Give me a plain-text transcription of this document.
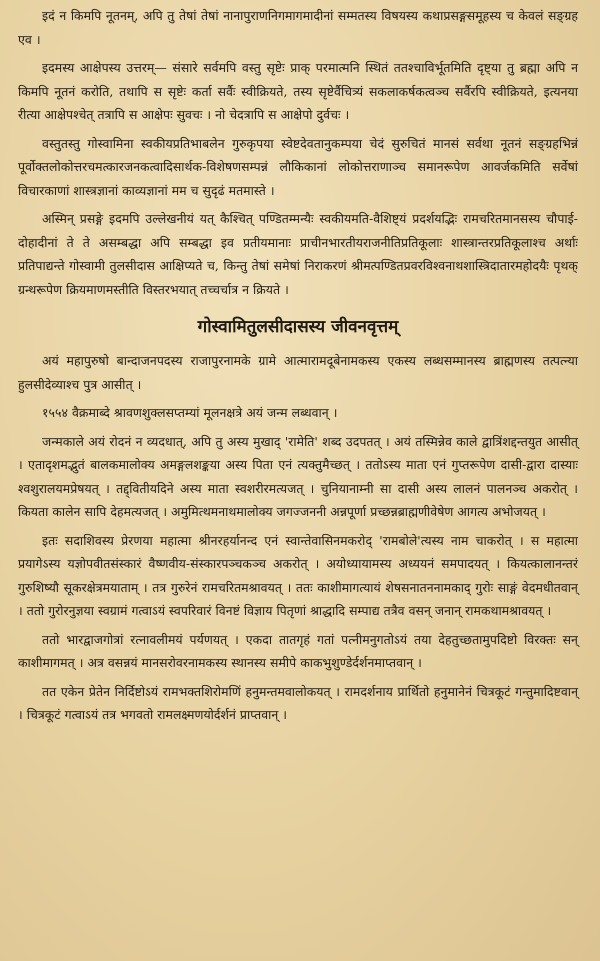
इदं न किमपि नूतनम्, अपि तु तेषां तेषां नानापुराणनिगमागमादीनां सम्मतस्य विषयस्य कथाप्रसङ्गसमूहस्य च केवलं सङ्ग्रह एव ।

इदमस्य आक्षेपस्य उत्तरम्— संसारे सर्वमपि वस्तु सृष्टेः प्राक् परमात्मनि स्थितं ततश्चाविर्भूतमिति दृष्ट्या तु ब्रह्मा अपि न किमपि नूतनं करोति, तथापि स सृष्टेः कर्ता सर्वैः स्वीक्रियते, तस्य सृष्टेर्वैचित्र्यं सकलाकर्षकत्वञ्च सर्वैरपि स्वीक्रियते, इत्यनया रीत्या आक्षेपश्चेत् तत्रापि स आक्षेपः सुवचः । नो चेदत्रापि स आक्षेपो दुर्वचः ।

वस्तुतस्तु गोस्वामिना स्वकीयप्रतिभाबलेन गुरुकृपया स्वेष्टदेवतानुकम्पया चेदं सुरुचितं मानसं सर्वथा नूतनं सङ्ग्रहभिन्नं पूर्वोक्तलोकोत्तरचमत्कारजनकत्वादिसार्थक-विशेषणसम्पन्नं लौकिकानां लोकोत्तराणाञ्च समानरूपेण आवर्जकमिति सर्वेषां विचारकाणां शास्त्रज्ञानां काव्यज्ञानां मम च सुदृढं मतमास्ते ।

अस्मिन् प्रसङ्गे इदमपि उल्लेखनीयं यत् कैश्चित् पण्डितम्मन्यैः स्वकीयमति-वैशिष्ट्यं प्रदर्शयद्भिः रामचरितमानसस्य चौपाई-दोहादीनां ते ते असम्बद्धा अपि सम्बद्धा इव प्रतीयमानाः प्राचीनभारतीयराजनीतिप्रतिकूलाः शास्त्रान्तरप्रतिकूलाश्च अर्थाः प्रतिपाद्यन्ते गोस्वामी तुलसीदास आक्षिप्यते च, किन्तु तेषां समेषां निराकरणं श्रीमत्पण्डितप्रवरविश्वनाथशास्त्रिदातारमहोदयैः पृथक् ग्रन्थरूपेण क्रियमाणमस्तीति विस्तरभयात् तच्चर्चात्र न क्रियते ।

गोस्वामितुलसीदासस्य जीवनवृत्तम्

अयं महापुरुषो बान्दाजनपदस्य राजापुरनामके ग्रामे आत्मारामदूबेनामकस्य एकस्य लब्धसम्मानस्य ब्राह्मणस्य तत्पत्न्या हुलसीदेव्याश्च पुत्र आसीत् ।

१५५४ वैक्रमाब्दे श्रावणशुक्लसप्तम्यां मूलनक्षत्रे अयं जन्म लब्धवान् ।

जन्मकाले अयं रोदनं न व्यदधात्, अपि तु अस्य मुखाद् 'रामेति' शब्द उदपतत् । अयं तस्मिन्नेव काले द्वात्रिंशद्दन्तयुत आसीत् । एतादृशमद्भुतं बालकमालोक्य अमङ्गलशङ्कया अस्य पिता एनं त्यक्तुमैच्छत् । ततोऽस्य माता एनं गुप्तरूपेण दासी-द्वारा दास्याः श्वशुरालयमप्रेषयत् । तद्द्वितीयदिने अस्य माता स्वशरीरमत्यजत् । चुनियानाम्नी सा दासी अस्य लालनं पालनञ्च अकरोत् । कियता कालेन सापि देहमत्यजत् । अमुमित्थमनाथमालोक्य जगज्जननी अन्नपूर्णा प्रच्छन्नब्राह्मणीवेषेण आगत्य अभोजयत् ।

इतः सदाशिवस्य प्रेरणया महात्मा श्रीनरहर्यानन्द एनं स्वान्तेवासिनमकरोद् 'रामबोले'त्यस्य नाम चाकरोत् । स महात्मा प्रयागेऽस्य यज्ञोपवीतसंस्कारं वैष्णवीय-संस्कारपञ्चकञ्च अकरोत् । अयोध्यायामस्य अध्ययनं समपादयत् । कियत्कालानन्तरं गुरुशिष्यौ सूकरक्षेत्रमयाताम् । तत्र गुरुरेनं रामचरितमश्रावयत् । ततः काशीमागत्यायं शेषसनातननामकाद् गुरोः साङ्गं वेदमधीतवान् । ततो गुरोरनुज्ञया स्वग्रामं गत्वाऽयं स्वपरिवारं विनष्टं विज्ञाय पितृणां श्राद्धादि सम्पाद्य तत्रैव वसन् जनान् रामकथामश्रावयत् ।

ततो भारद्वाजगोत्रां रत्नावलीमयं पर्यणयत् । एकदा तातगृहं गतां पत्नीमनुगतोऽयं तया देहतुच्छतामुपदिष्टो विरक्तः सन् काशीमागमत् । अत्र वसन्नयं मानसरोवरनामकस्य स्थानस्य समीपे काकभुशुण्डेर्दर्शनमाप्तवान् ।

तत एकेन प्रेतेन निर्दिष्टोऽयं रामभक्तशिरोमणिं हनुमन्तमवालोकयत् । रामदर्शनाय प्रार्थितो हनुमानेनं चित्रकूटं गन्तुमादिष्टवान् । चित्रकूटं गत्वाऽयं तत्र भगवतो रामलक्ष्मणयोर्दर्शनं प्राप्तवान् ।
